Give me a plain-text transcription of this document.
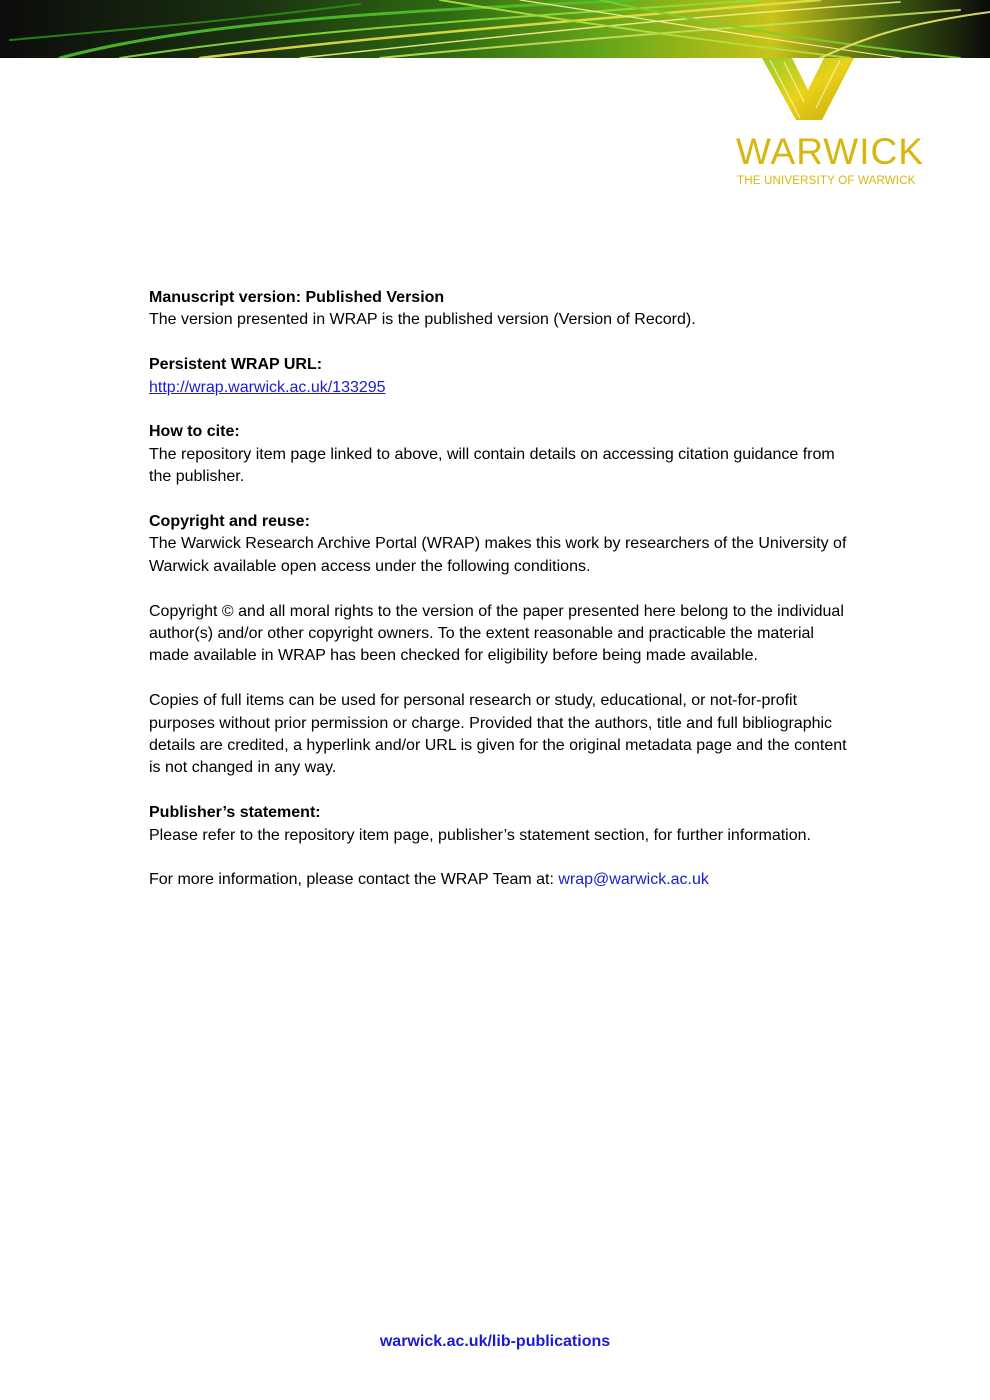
WARWICK
THE UNIVERSITY OF WARWICK
Manuscript version: Published Version

The version presented in WRAP is the published version (Version of Record).

Persistent WRAP URL:
http://wrap.warwick.ac.uk/133295
How to cite:

The repository item page linked to above, will contain details on accessing citation guidance from the publisher.

Copyright and reuse:

The Warwick Research Archive Portal (WRAP) makes this work by researchers of the University of Warwick available open access under the following conditions.

Copyright © and all moral rights to the version of the paper presented here belong to the individual author(s) and/or other copyright owners. To the extent reasonable and practicable the material made available in WRAP has been checked for eligibility before being made available.

Copies of full items can be used for personal research or study, educational, or not-for-profit purposes without prior permission or charge. Provided that the authors, title and full bibliographic details are credited, a hyperlink and/or URL is given for the original metadata page and the content is not changed in any way.

Publisher’s statement:

Please refer to the repository item page, publisher’s statement section, for further information.

For more information, please contact the WRAP Team at: wrap@warwick.ac.uk
warwick.ac.uk/lib-publications
